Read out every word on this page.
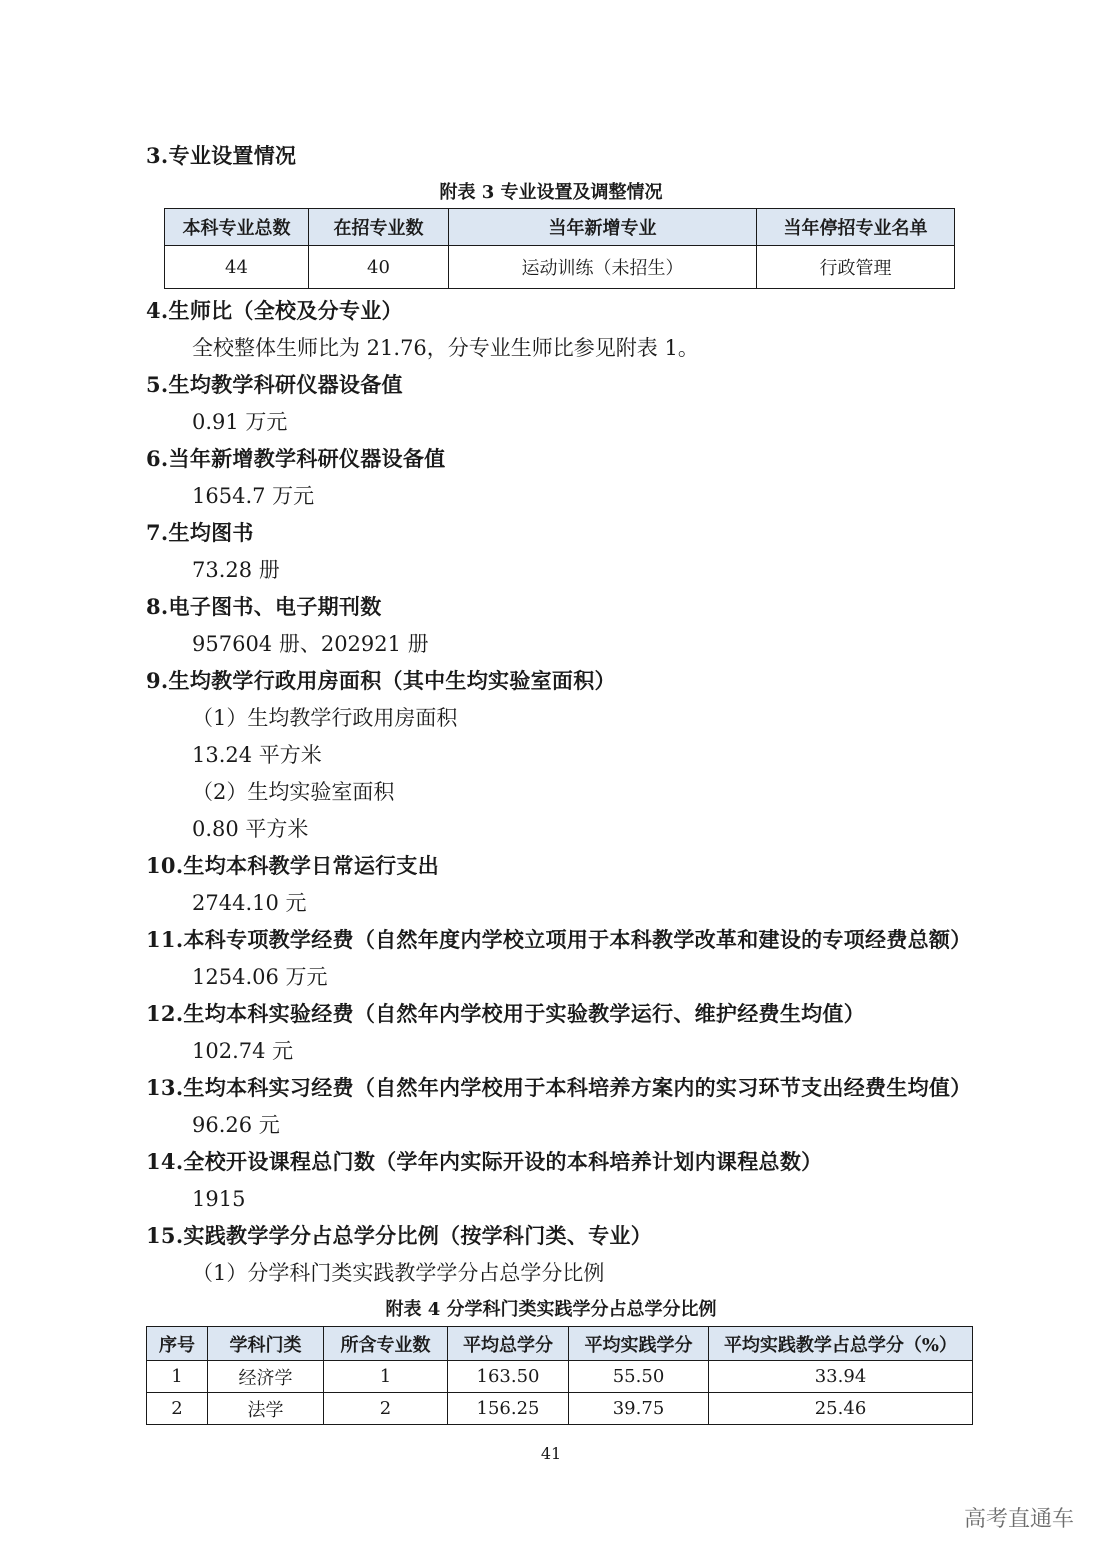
3.专业设置情况
附表 3 专业设置及调整情况
本科专业总数	在招专业数	当年新增专业	当年停招专业名单
44	40	运动训练（未招生）	行政管理
4.生师比（全校及分专业）
全校整体生师比为 21.76，分专业生师比参见附表 1。
5.生均教学科研仪器设备值
0.91 万元
6.当年新增教学科研仪器设备值
1654.7 万元
7.生均图书
73.28 册
8.电子图书、电子期刊数
957604 册、202921 册
9.生均教学行政用房面积（其中生均实验室面积）
（1）生均教学行政用房面积
13.24 平方米
（2）生均实验室面积
0.80 平方米
10.生均本科教学日常运行支出
2744.10 元
11.本科专项教学经费（自然年度内学校立项用于本科教学改革和建设的专项经费总额）
1254.06 万元
12.生均本科实验经费（自然年内学校用于实验教学运行、维护经费生均值）
102.74 元
13.生均本科实习经费（自然年内学校用于本科培养方案内的实习环节支出经费生均值）
96.26 元
14.全校开设课程总门数（学年内实际开设的本科培养计划内课程总数）
1915
15.实践教学学分占总学分比例（按学科门类、专业）
（1）分学科门类实践教学学分占总学分比例
附表 4 分学科门类实践学分占总学分比例
序号	学科门类	所含专业数	平均总学分	平均实践学分	平均实践教学占总学分（%）
1	经济学	1	163.50	55.50	33.94
2	法学	2	156.25	39.75	25.46
41
高考直通车
